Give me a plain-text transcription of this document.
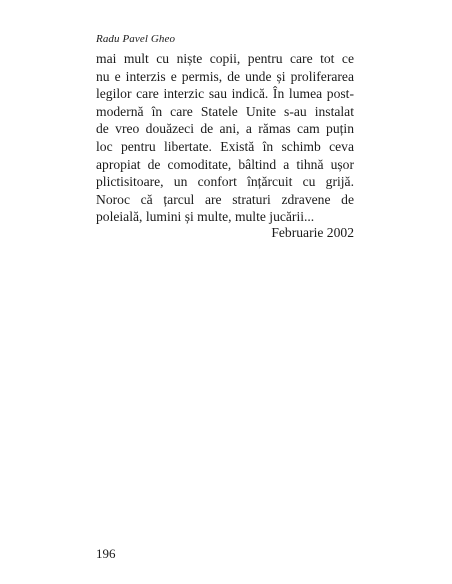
Radu Pavel Gheo
mai mult cu niște copii, pentru care tot ce
nu e interzis e permis, de unde și proliferarea
legilor care interzic sau indică. În lumea post-
modernă în care Statele Unite s-au instalat
de vreo douăzeci de ani, a rămas cam puțin
loc pentru libertate. Există în schimb ceva
apropiat de comoditate, bâltind a tihnă ușor
plictisitoare, un confort înțărcuit cu grijă.
Noroc că țarcul are straturi zdravene de
poleială, lumini și multe, multe jucării...
Februarie 2002
196
